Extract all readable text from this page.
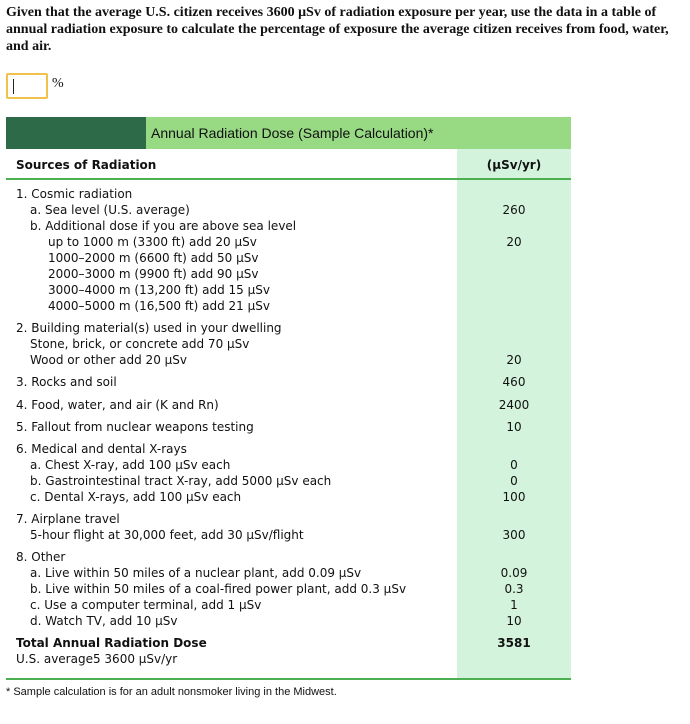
Given that the average U.S. citizen receives 3600 μSv of radiation exposure per year, use the data in a table of annual radiation exposure to calculate the percentage of exposure the average citizen receives from food, water, and air.
%
Annual Radiation Dose (Sample Calculation)*
Sources of Radiation	(μSv/yr)
1. Cosmic radiation
a. Sea level (U.S. average)	260
b. Additional dose if you are above sea level
up to 1000 m (3300 ft) add 20 μSv	20
1000–2000 m (6600 ft) add 50 μSv
2000–3000 m (9900 ft) add 90 μSv
3000–4000 m (13,200 ft) add 15 μSv
4000–5000 m (16,500 ft) add 21 μSv
2. Building material(s) used in your dwelling
Stone, brick, or concrete add 70 μSv
Wood or other add 20 μSv	20
3. Rocks and soil	460
4. Food, water, and air (K and Rn)	2400
5. Fallout from nuclear weapons testing	10
6. Medical and dental X-rays
a. Chest X-ray, add 100 μSv each	0
b. Gastrointestinal tract X-ray, add 5000 μSv each	0
c. Dental X-rays, add 100 μSv each	100
7. Airplane travel
5-hour flight at 30,000 feet, add 30 μSv/flight	300
8. Other
a. Live within 50 miles of a nuclear plant, add 0.09 μSv	0.09
b. Live within 50 miles of a coal-fired power plant, add 0.3 μSv	0.3
c. Use a computer terminal, add 1 μSv	1
d. Watch TV, add 10 μSv	10
Total Annual Radiation Dose	3581
U.S. average5 3600 μSv/yr
* Sample calculation is for an adult nonsmoker living in the Midwest.
